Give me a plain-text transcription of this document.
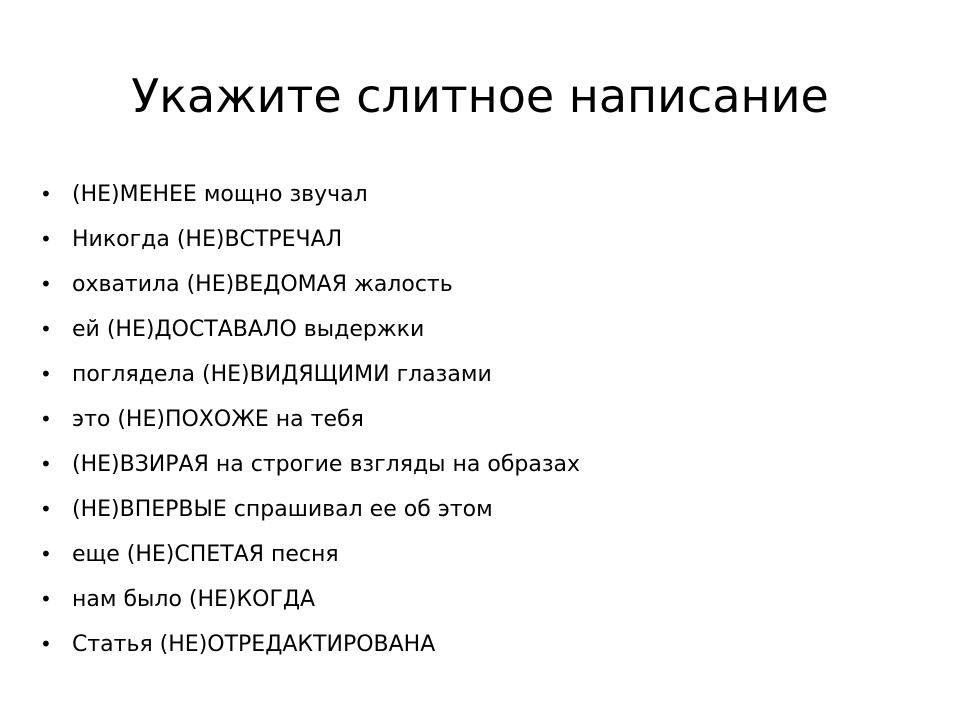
Укажите слитное написание
• (НЕ)МЕНЕЕ мощно звучал
• Никогда (НЕ)ВСТРЕЧАЛ
• охватила (НЕ)ВЕДОМАЯ жалость
• ей (НЕ)ДОСТАВАЛО выдержки
• поглядела (НЕ)ВИДЯЩИМИ глазами
• это (НЕ)ПОХОЖЕ на тебя
• (НЕ)ВЗИРАЯ на строгие взгляды на образах
• (НЕ)ВПЕРВЫЕ спрашивал ее об этом
• еще (НЕ)СПЕТАЯ песня
• нам было (НЕ)КОГДА
• Статья (НЕ)ОТРЕДАКТИРОВАНА
